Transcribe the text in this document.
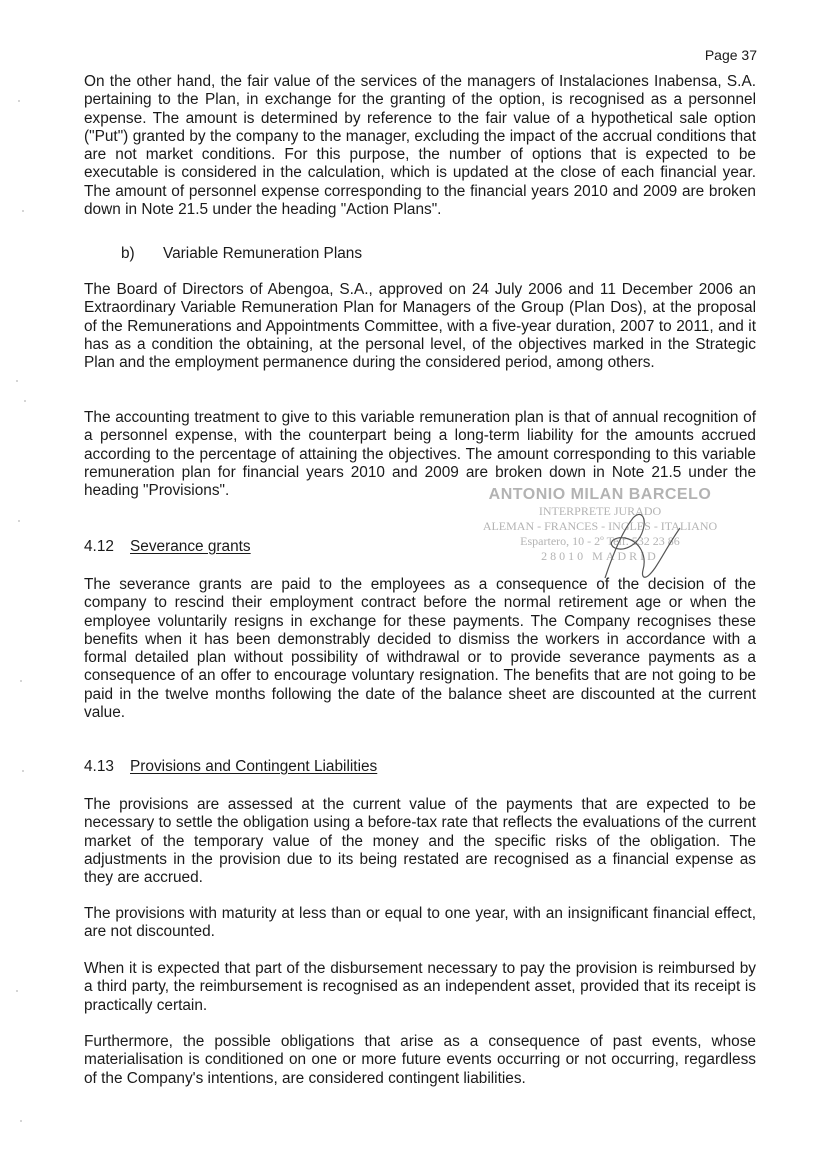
Page 37

On the other hand, the fair value of the services of the managers of Instalaciones Inabensa, S.A. pertaining to the Plan, in exchange for the granting of the option, is recognised as a personnel expense. The amount is determined by reference to the fair value of a hypothetical sale option ("Put") granted by the company to the manager, excluding the impact of the accrual conditions that are not market conditions. For this purpose, the number of options that is expected to be executable is considered in the calculation, which is updated at the close of each financial year. The amount of personnel expense corresponding to the financial years 2010 and 2009 are broken down in Note 21.5 under the heading "Action Plans".

b)	Variable Remuneration Plans

The Board of Directors of Abengoa, S.A., approved on 24 July 2006 and 11 December 2006 an Extraordinary Variable Remuneration Plan for Managers of the Group (Plan Dos), at the proposal of the Remunerations and Appointments Committee, with a five-year duration, 2007 to 2011, and it has as a condition the obtaining, at the personal level, of the objectives marked in the Strategic Plan and the employment permanence during the considered period, among others.

The accounting treatment to give to this variable remuneration plan is that of annual recognition of a personnel expense, with the counterpart being a long-term liability for the amounts accrued according to the percentage of attaining the objectives. The amount corresponding to this variable remuneration plan for financial years 2010 and 2009 are broken down in Note 21.5 under the heading "Provisions".	ANTONIO MILAN BARCELO
INTERPRETE JURADO
ALEMAN - FRANCES - INGLES - ITALIANO
Espartero, 10 - 2º Telf. 532 23 86
28010 MADRID
4.12 Severance grants

The severance grants are paid to the employees as a consequence of the decision of the company to rescind their employment contract before the normal retirement age or when the employee voluntarily resigns in exchange for these payments. The Company recognises these benefits when it has been demonstrably decided to dismiss the workers in accordance with a formal detailed plan without possibility of withdrawal or to provide severance payments as a consequence of an offer to encourage voluntary resignation. The benefits that are not going to be paid in the twelve months following the date of the balance sheet are discounted at the current value.

4.13 Provisions and Contingent Liabilities

The provisions are assessed at the current value of the payments that are expected to be necessary to settle the obligation using a before-tax rate that reflects the evaluations of the current market of the temporary value of the money and the specific risks of the obligation. The adjustments in the provision due to its being restated are recognised as a financial expense as they are accrued.

The provisions with maturity at less than or equal to one year, with an insignificant financial effect, are not discounted.

When it is expected that part of the disbursement necessary to pay the provision is reimbursed by a third party, the reimbursement is recognised as an independent asset, provided that its receipt is practically certain.

Furthermore, the possible obligations that arise as a consequence of past events, whose materialisation is conditioned on one or more future events occurring or not occurring, regardless of the Company's intentions, are considered contingent liabilities.
